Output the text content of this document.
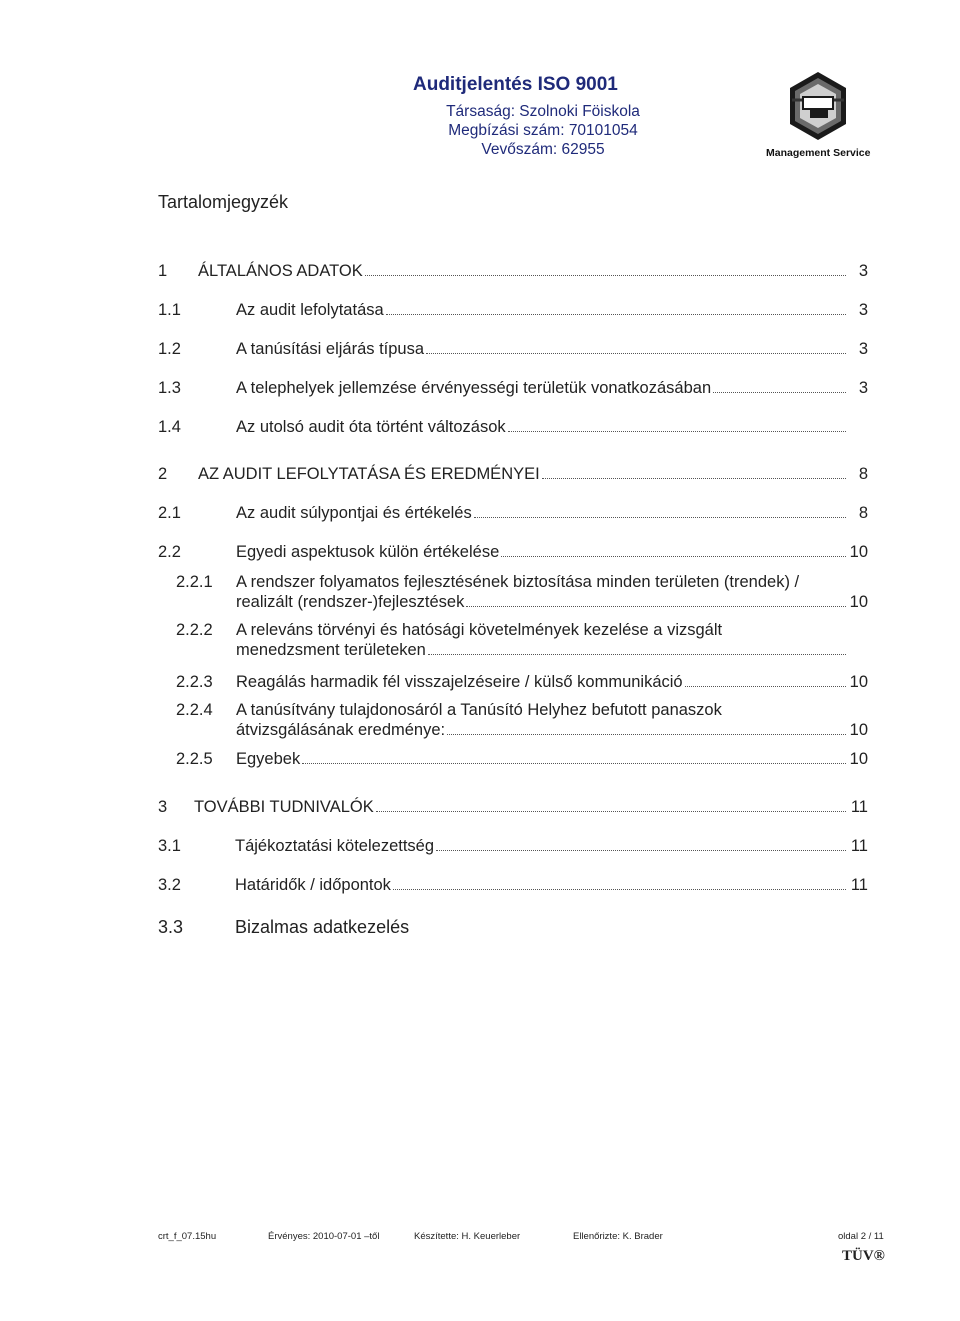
Auditjelentés ISO 9001
Társaság: Szolnoki Föiskola
Megbízási szám: 70101054
Vevőszám: 62955	Management Service
Tartalomjegyzék
1 ÁLTALÁNOS ADATOK	3
1.1	Az audit lefolytatása	3
1.2	A tanúsítási eljárás típusa	3
1.3	A telephelyek jellemzése érvényességi területük vonatkozásában	3
1.4	Az utolsó audit óta történt változások
2 AZ AUDIT LEFOLYTATÁSA ÉS EREDMÉNYEI	8
2.1	Az audit súlypontjai és értékelés	8
2.2	Egyedi aspektusok külön értékelése	10
2.2.1 A rendszer folyamatos fejlesztésének biztosítása minden területen (trendek) /
realizált (rendszer-)fejlesztések	10
2.2.2 A releváns törvényi és hatósági követelmények kezelése a vizsgált
menedzsment területeken
2.2.3 Reagálás harmadik fél visszajelzéseire / külső kommunikáció	10
2.2.4 A tanúsítvány tulajdonosáról a Tanúsító Helyhez befutott panaszok
átvizsgálásának eredménye:	10
2.2.5 Egyebek	10
3 TOVÁBBI TUDNIVALÓK	11
3.1	Tájékoztatási kötelezettség	11
3.2	Határidők / időpontok	11
3.3	Bizalmas adatkezelés
crt_f_07.15hu	Érvényes: 2010-07-01 –től	Készítette: H. Keuerleber	Ellenőrizte: K. Brader	oldal 2 / 11
TÜV®
